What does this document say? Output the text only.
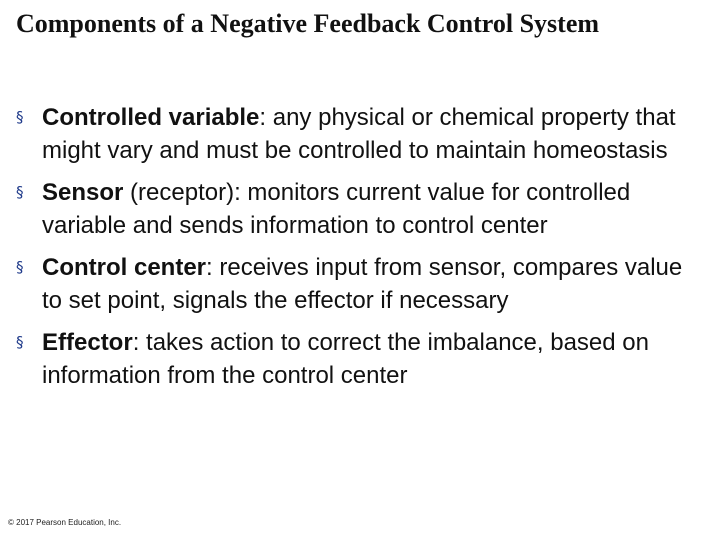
Components of a Negative Feedback Control System
§ Controlled variable: any physical or chemical property that might vary and must be controlled to maintain homeostasis
§ Sensor (receptor): monitors current value for controlled variable and sends information to control center
§ Control center: receives input from sensor, compares value to set point, signals the effector if necessary
§ Effector: takes action to correct the imbalance, based on information from the control center
© 2017 Pearson Education, Inc.
